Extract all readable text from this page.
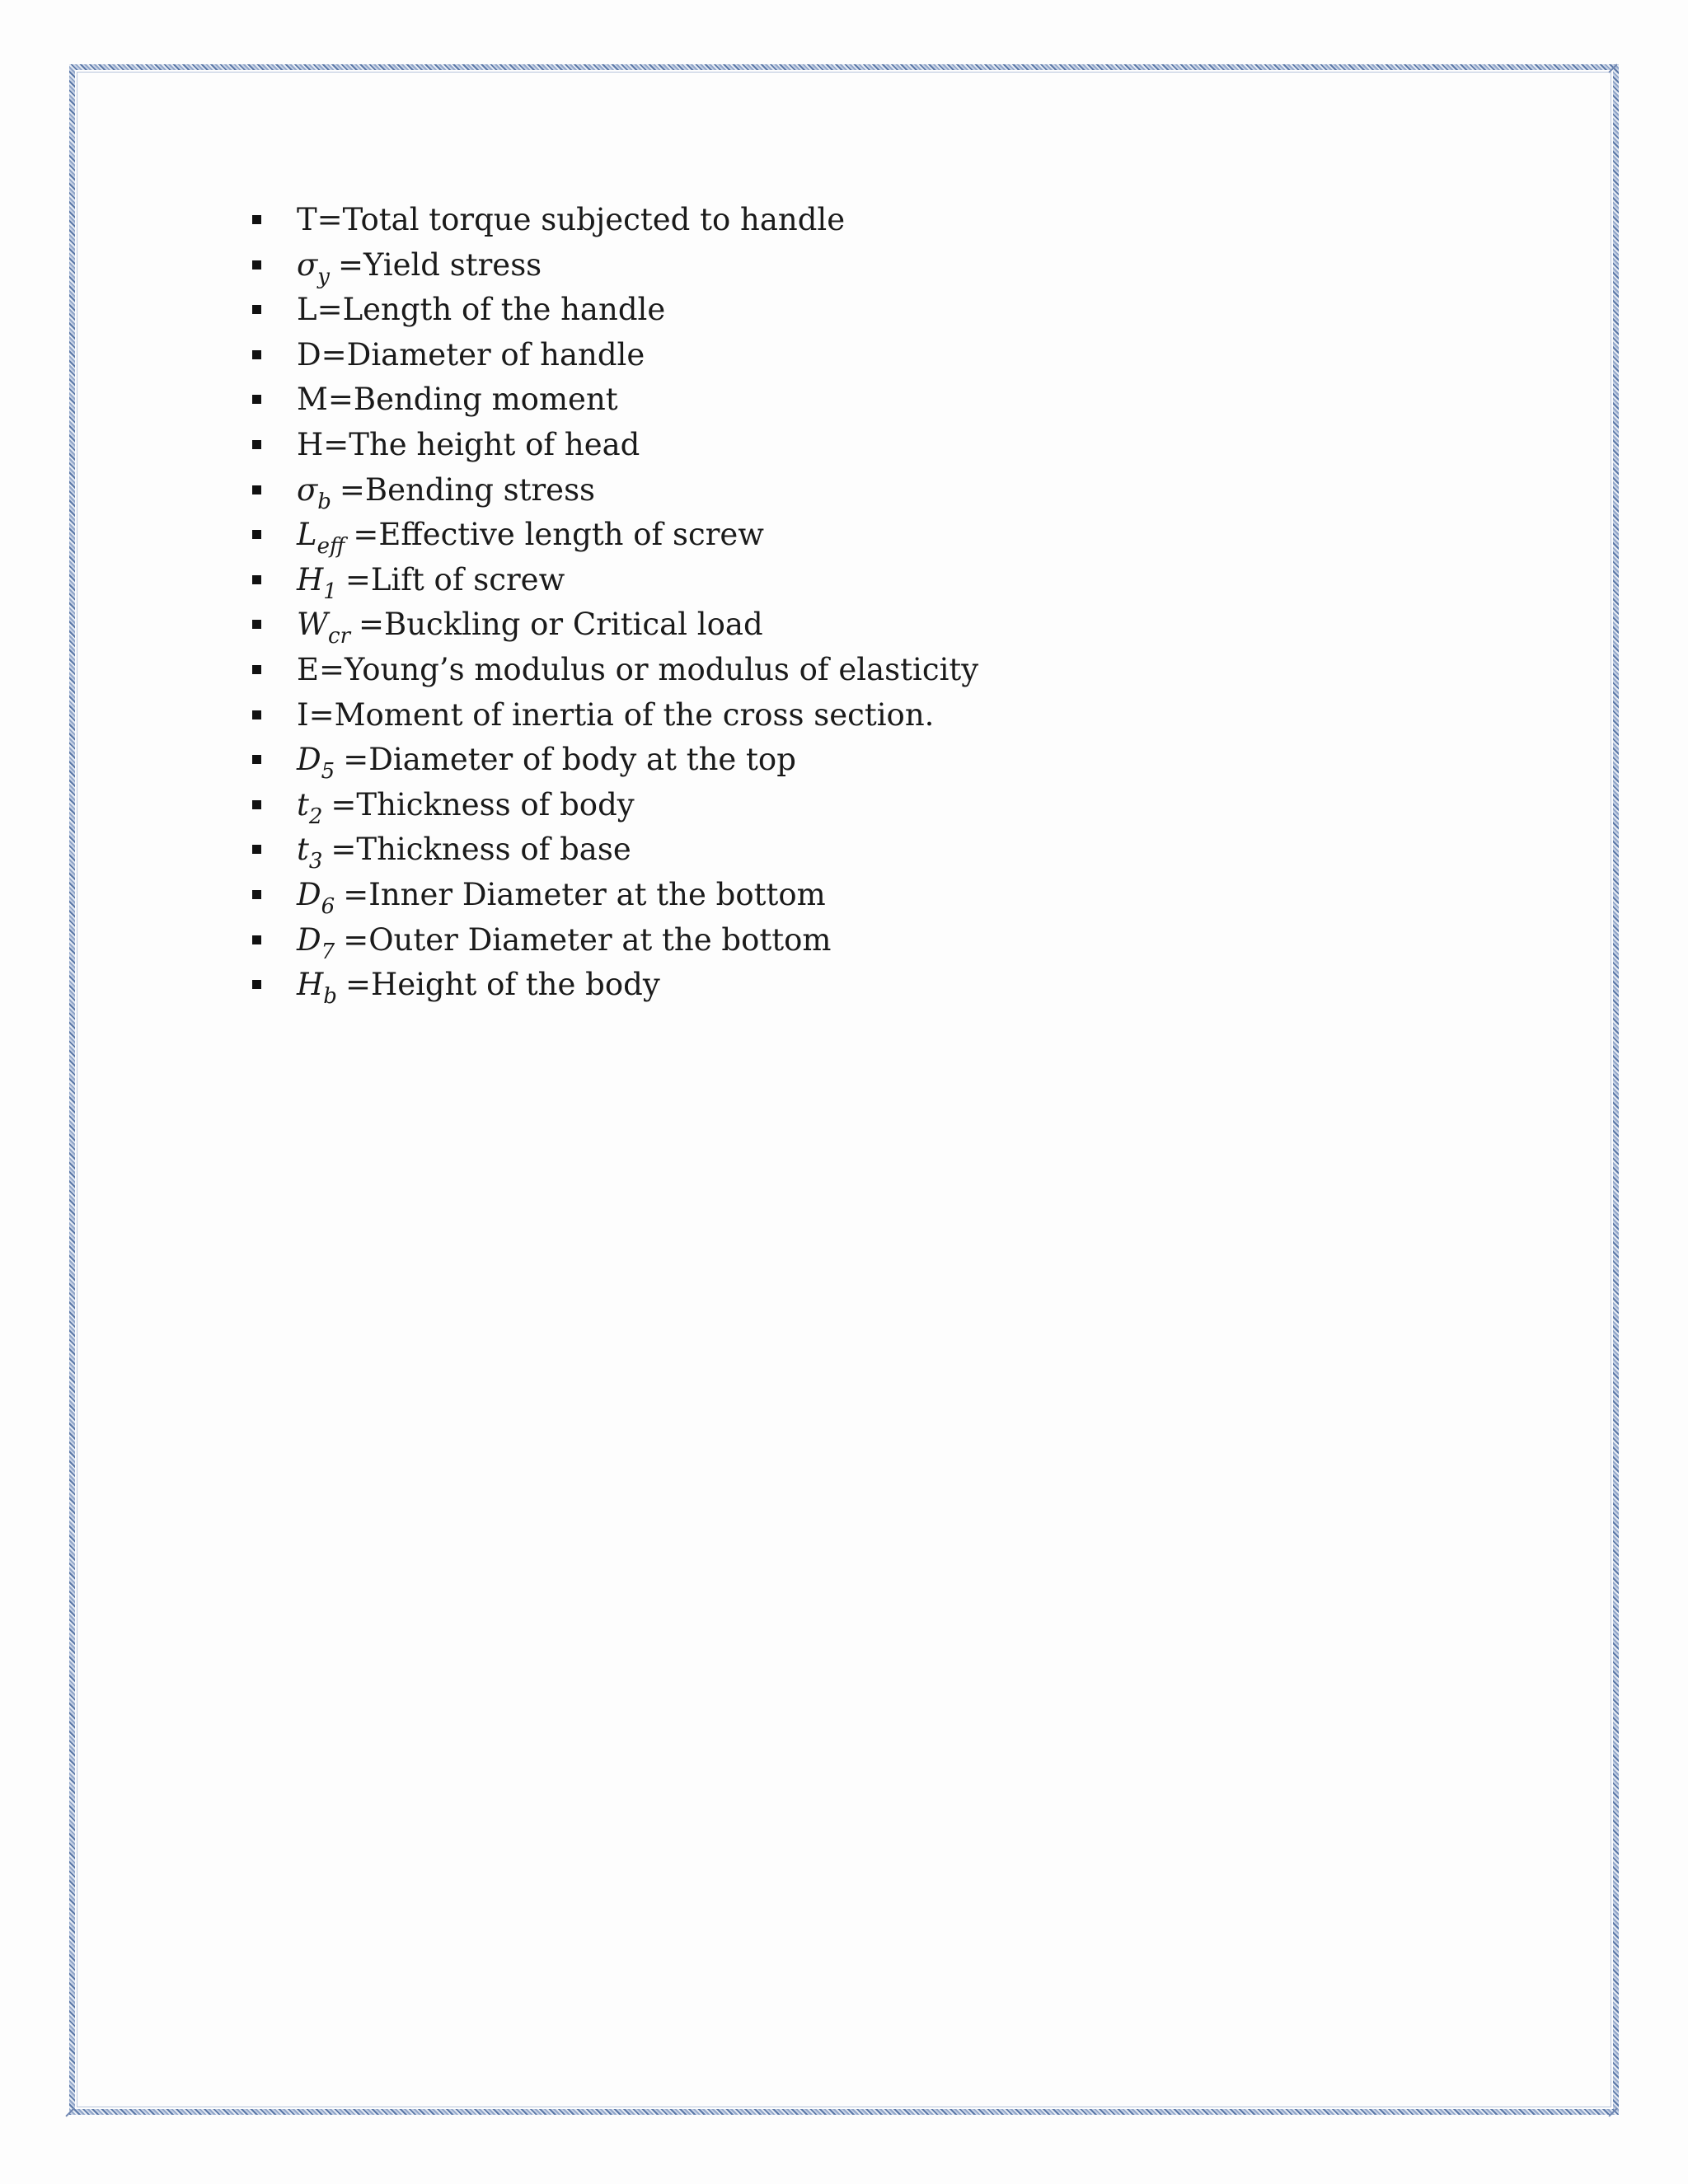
T=Total torque subjected to handle
$\sigma_y$ =Yield stress
L=Length of the handle
D=Diameter of handle
M=Bending moment
H=The height of head
$\sigma_b$ =Bending stress
$L_{eff}$ =Effective length of screw
$H_1$ =Lift of screw
$W_{cr}$ =Buckling or Critical load
E=Young’s modulus or modulus of elasticity
I=Moment of inertia of the cross section.
$D_5$ =Diameter of body at the top
$t_2$ =Thickness of body
$t_3$ =Thickness of base
$D_6$ =Inner Diameter at the bottom
$D_7$ =Outer Diameter at the bottom
$H_b$ =Height of the body
